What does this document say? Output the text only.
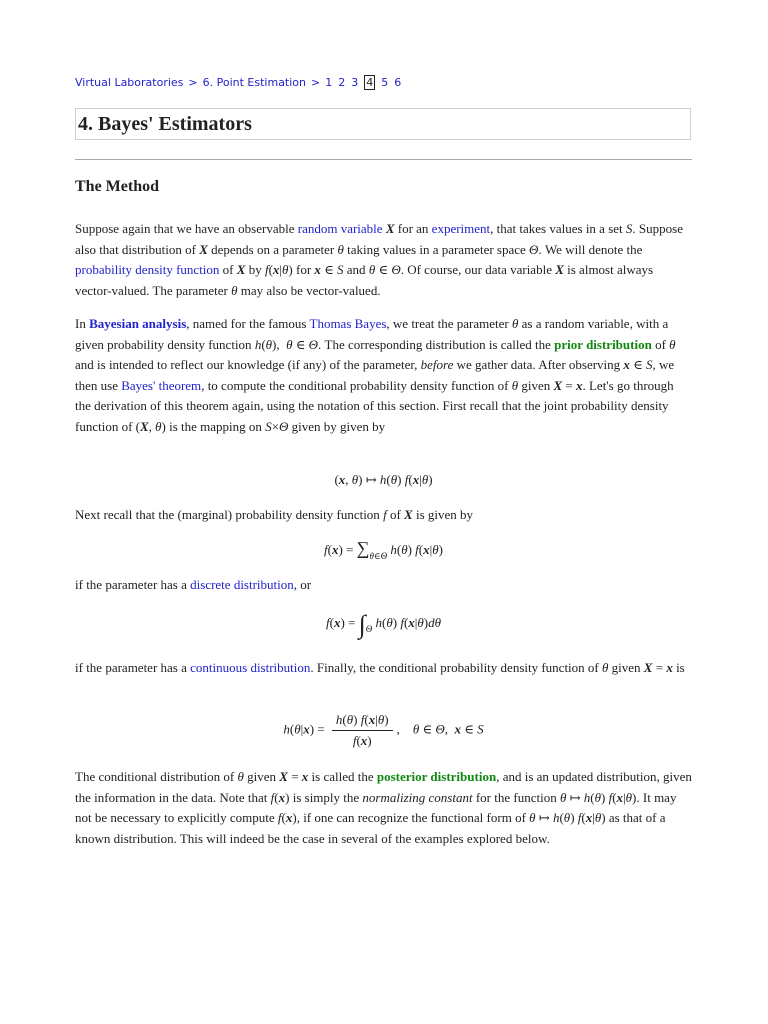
Virtual Laboratories > 6. Point Estimation > 1 2 3 4 5 6
4. Bayes' Estimators
The Method
Suppose again that we have an observable random variable X for an experiment, that takes values in a set S. Suppose also that distribution of X depends on a parameter θ taking values in a parameter space Θ. We will denote the probability density function of X by f(x|θ) for x ∈ S and θ ∈ Θ. Of course, our data variable X is almost always vector-valued. The parameter θ may also be vector-valued.
In Bayesian analysis, named for the famous Thomas Bayes, we treat the parameter θ as a random variable, with a given probability density function h(θ),  θ ∈ Θ. The corresponding distribution is called the prior distribution of θ and is intended to reflect our knowledge (if any) of the parameter, before we gather data. After observing x ∈ S, we then use Bayes' theorem, to compute the conditional probability density function of θ given X = x. Let's go through the derivation of this theorem again, using the notation of this section. First recall that the joint probability density function of (X, θ) is the mapping on S×Θ given by given by
(x, θ) ↦ h(θ) f(x|θ)
Next recall that the (marginal) probability density function f of X is given by
$f(x) = \sum_{\theta\in\Theta}$ h(θ) f(x|θ)
if the parameter has a discrete distribution, or
$f(x) = \int_\Theta$ h(θ) f(x|θ)dθ
if the parameter has a continuous distribution. Finally, the conditional probability density function of θ given X = x is
$h(\theta|x) = \frac{h(\theta) f(x|\theta)}{f(x)}$ ,    θ ∈ Θ,  x ∈ S
The conditional distribution of θ given X = x is called the posterior distribution, and is an updated distribution, given the information in the data. Note that f(x) is simply the normalizing constant for the function θ ↦ h(θ) f(x|θ). It may not be necessary to explicitly compute f(x), if one can recognize the functional form of θ ↦ h(θ) f(x|θ) as that of a known distribution. This will indeed be the case in several of the examples explored below.
